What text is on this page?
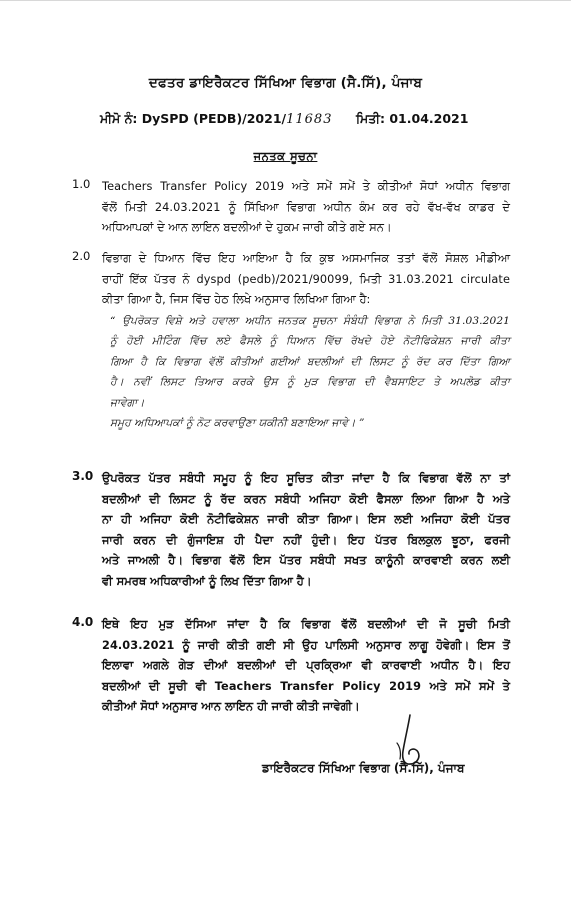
ਦਫਤਰ ਡਾਇਰੈਕਟਰ ਸਿੱਖਿਆ ਵਿਭਾਗ (ਸੈ.ਸਿੱ), ਪੰਜਾਬ
ਮੀਮੋ ਨੰ: DySPD (PEDB)/2021/11683 ਮਿਤੀ: 01.04.2021
ਜਨਤਕ ਸੂਚਨਾ
1.0 Teachers Transfer Policy 2019 ਅਤੇ ਸਮੇਂ ਸਮੇਂ ਤੇ ਕੀਤੀਆਂ ਸੋਧਾਂ ਅਧੀਨ ਵਿਭਾਗ
ਵੱਲੋਂ ਮਿਤੀ 24.03.2021 ਨੂੰ ਸਿੱਖਿਆ ਵਿਭਾਗ ਅਧੀਨ ਕੰਮ ਕਰ ਰਹੇ ਵੱਖ-ਵੱਖ ਕਾਡਰ ਦੇ
ਅਧਿਆਪਕਾਂ ਦੇ ਆਨ ਲਾਇਨ ਬਦਲੀਆਂ ਦੇ ਹੁਕਮ ਜਾਰੀ ਕੀਤੇ ਗਏ ਸਨ।
2.0 ਵਿਭਾਗ ਦੇ ਧਿਆਨ ਵਿੱਚ ਇਹ ਆਇਆ ਹੈ ਕਿ ਕੁਝ ਅਸਮਾਜਿਕ ਤਤਾਂ ਵੱਲੋਂ ਸੋਸ਼ਲ ਮੀਡੀਆ
ਰਾਹੀਂ ਇੱਕ ਪੱਤਰ ਨੰ dyspd (pedb)/2021/90099, ਮਿਤੀ 31.03.2021 circulate
ਕੀਤਾ ਗਿਆ ਹੈ, ਜਿਸ ਵਿੱਚ ਹੇਠ ਲਿਖੇ ਅਨੁਸਾਰ ਲਿਖਿਆ ਗਿਆ ਹੈ:
“ ਉਪਰੋਕਤ ਵਿਸ਼ੇ ਅਤੇ ਹਵਾਲਾ ਅਧੀਨ ਜਨਤਕ ਸੂਚਨਾ ਸੰਬੰਧੀ ਵਿਭਾਗ ਨੇ ਮਿਤੀ 31.03.2021
ਨੂੰ ਹੋਈ ਮੀਟਿੰਗ ਵਿੱਚ ਲਏ ਫੈਸਲੇ ਨੂੰ ਧਿਆਨ ਵਿੱਚ ਰੱਖਦੇ ਹੋਏ ਨੋਟੀਫਿਕੇਸ਼ਨ ਜਾਰੀ ਕੀਤਾ
ਗਿਆ ਹੈ ਕਿ ਵਿਭਾਗ ਵੱਲੋਂ ਕੀਤੀਆਂ ਗਈਆਂ ਬਦਲੀਆਂ ਦੀ ਲਿਸਟ ਨੂੰ ਰੱਦ ਕਰ ਦਿੱਤਾ ਗਿਆ
ਹੈ। ਨਵੀਂ ਲਿਸਟ ਤਿਆਰ ਕਰਕੇ ਉਸ ਨੂੰ ਮੁੜ ਵਿਭਾਗ ਦੀ ਵੈਬਸਾਇਟ ਤੇ ਅਪਲੋਡ ਕੀਤਾ
ਜਾਵੇਗਾ।
ਸਮੂਹ ਅਧਿਆਪਕਾਂ ਨੂੰ ਨੋਟ ਕਰਵਾਉਣਾ ਯਕੀਨੀ ਬਣਾਇਆ ਜਾਵੇ। ”
3.0 ਉਪਰੋਕਤ ਪੱਤਰ ਸਬੰਧੀ ਸਮੂਹ ਨੂੰ ਇਹ ਸੂਚਿਤ ਕੀਤਾ ਜਾਂਦਾ ਹੈ ਕਿ ਵਿਭਾਗ ਵੱਲੋਂ ਨਾ ਤਾਂ
ਬਦਲੀਆਂ ਦੀ ਲਿਸਟ ਨੂੰ ਰੱਦ ਕਰਨ ਸਬੰਧੀ ਅਜਿਹਾ ਕੋਈ ਫੈਸਲਾ ਲਿਆ ਗਿਆ ਹੈ ਅਤੇ
ਨਾ ਹੀ ਅਜਿਹਾ ਕੋਈ ਨੋਟੀਫਿਕੇਸ਼ਨ ਜਾਰੀ ਕੀਤਾ ਗਿਆ। ਇਸ ਲਈ ਅਜਿਹਾ ਕੋਈ ਪੱਤਰ
ਜਾਰੀ ਕਰਨ ਦੀ ਗੁੰਜਾਇਸ਼ ਹੀ ਪੈਦਾ ਨਹੀਂ ਹੁੰਦੀ। ਇਹ ਪੱਤਰ ਬਿਲਕੁਲ ਝੂਠਾ, ਫਰਜੀ
ਅਤੇ ਜਾਅਲੀ ਹੈ। ਵਿਭਾਗ ਵੱਲੋਂ ਇਸ ਪੱਤਰ ਸਬੰਧੀ ਸਖਤ ਕਾਨੂੰਨੀ ਕਾਰਵਾਈ ਕਰਨ ਲਈ
ਵੀ ਸਮਰਥ ਅਧਿਕਾਰੀਆਂ ਨੂੰ ਲਿਖ ਦਿੱਤਾ ਗਿਆ ਹੈ।
4.0 ਇਥੇ ਇਹ ਮੁੜ ਦੱਸਿਆ ਜਾਂਦਾ ਹੈ ਕਿ ਵਿਭਾਗ ਵੱਲੋਂ ਬਦਲੀਆਂ ਦੀ ਜੋ ਸੂਚੀ ਮਿਤੀ
24.03.2021 ਨੂੰ ਜਾਰੀ ਕੀਤੀ ਗਈ ਸੀ ਉਹ ਪਾਲਿਸੀ ਅਨੁਸਾਰ ਲਾਗੂ ਹੋਵੇਗੀ। ਇਸ ਤੋਂ
ਇਲਾਵਾ ਅਗਲੇ ਗੇੜ ਦੀਆਂ ਬਦਲੀਆਂ ਦੀ ਪ੍ਰਕ੍ਰਿਆ ਵੀ ਕਾਰਵਾਈ ਅਧੀਨ ਹੈ। ਇਹ
ਬਦਲੀਆਂ ਦੀ ਸੂਚੀ ਵੀ Teachers Transfer Policy 2019 ਅਤੇ ਸਮੇਂ ਸਮੇਂ ਤੇ
ਕੀਤੀਆਂ ਸੋਧਾਂ ਅਨੁਸਾਰ ਆਨ ਲਾਇਨ ਹੀ ਜਾਰੀ ਕੀਤੀ ਜਾਵੇਗੀ।
ਡਾਇਰੈਕਟਰ ਸਿੱਖਿਆ ਵਿਭਾਗ (ਸੈ.ਸਿੱ), ਪੰਜਾਬ
